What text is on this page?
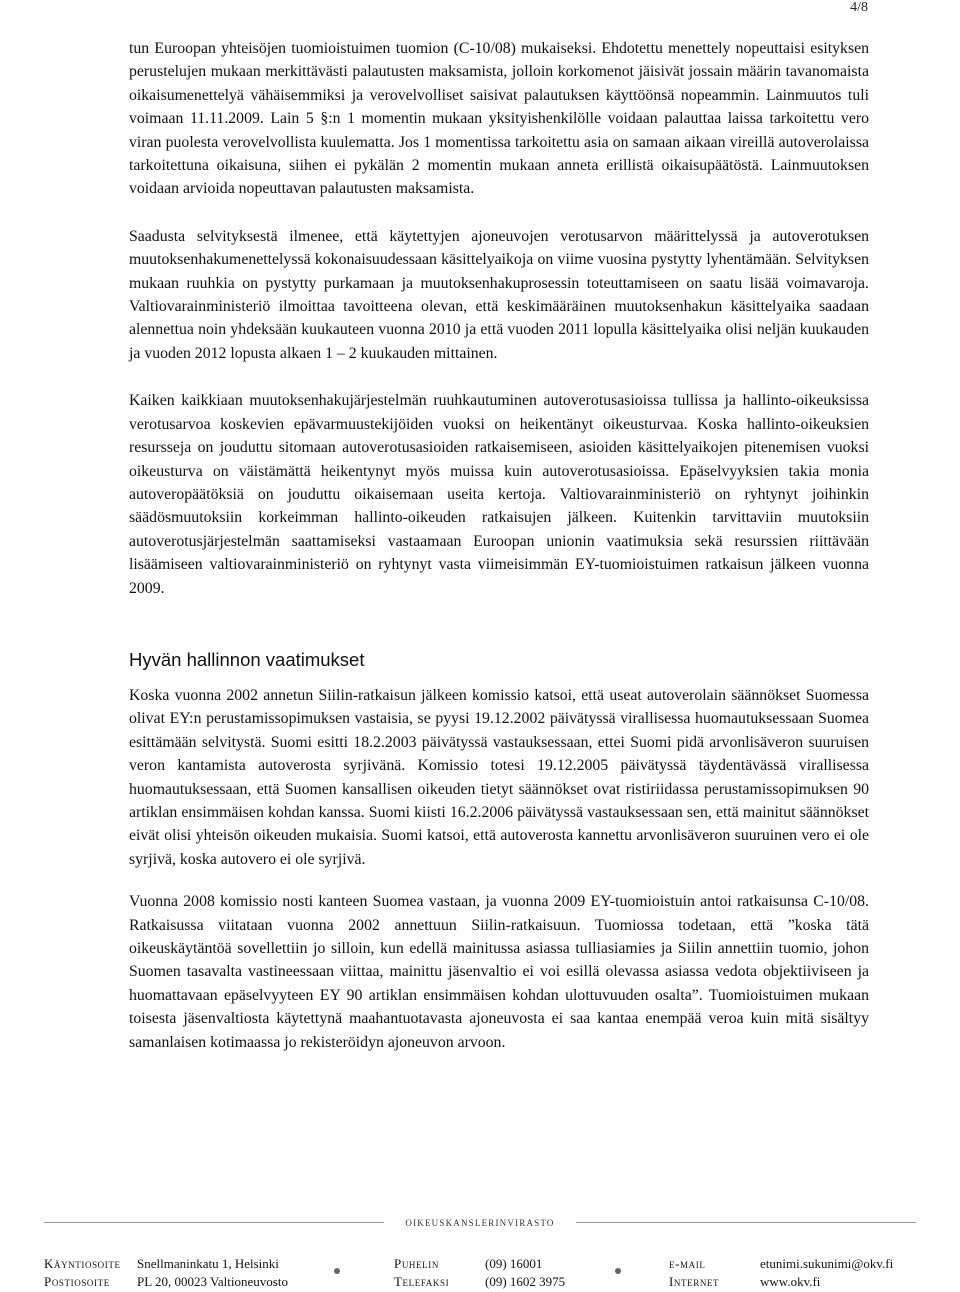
4/8

tun Euroopan yhteisöjen tuomioistuimen tuomion (C-10/08) mukaiseksi. Ehdotettu menettely nopeuttaisi esityksen perustelujen mukaan merkittävästi palautusten maksamista, jolloin korkomenot jäisivät jossain määrin tavanomaista oikaisumenettelyä vähäisemmiksi ja verovelvolliset saisivat palautuksen käyttöönsä nopeammin. Lainmuutos tuli voimaan 11.11.2009. Lain 5 §:n 1 momentin mukaan yksityishenkilölle voidaan palauttaa laissa tarkoitettu vero viran puolesta verovelvollista kuulematta. Jos 1 momentissa tarkoitettu asia on samaan aikaan vireillä autoverolaissa tarkoitettuna oikaisuna, siihen ei pykälän 2 momentin mukaan anneta erillistä oikaisupäätöstä. Lainmuutoksen voidaan arvioida nopeuttavan palautusten maksamista.

Saadusta selvityksestä ilmenee, että käytettyjen ajoneuvojen verotusarvon määrittelyssä ja autoverotuksen muutoksenhakumenettelyssä kokonaisuudessaan käsittelyaikoja on viime vuosina pystytty lyhentämään. Selvityksen mukaan ruuhkia on pystytty purkamaan ja muutoksenhakuprosessin toteuttamiseen on saatu lisää voimavaroja. Valtiovarainministeriö ilmoittaa tavoitteena olevan, että keskimääräinen muutoksenhakun käsittelyaika saadaan alennettua noin yhdeksään kuukauteen vuonna 2010 ja että vuoden 2011 lopulla käsittelyaika olisi neljän kuukauden ja vuoden 2012 lopusta alkaen 1 – 2 kuukauden mittainen.

Kaiken kaikkiaan muutoksenhakujärjestelmän ruuhkautuminen autoverotusasioissa tullissa ja hallinto-oikeuksissa verotusarvoa koskevien epävarmuustekijöiden vuoksi on heikentänyt oikeusturvaa. Koska hallinto-oikeuksien resursseja on jouduttu sitomaan autoverotusasioiden ratkaisemiseen, asioiden käsittelyaikojen pitenemisen vuoksi oikeusturva on väistämättä heikentynyt myös muissa kuin autoverotusasioissa. Epäselvyyksien takia monia autoveropäätöksiä on jouduttu oikaisemaan useita kertoja. Valtiovarainministeriö on ryhtynyt joihinkin säädösmuutoksiin korkeimman hallinto-oikeuden ratkaisujen jälkeen. Kuitenkin tarvittaviin muutoksiin autoverotusjärjestelmän saattamiseksi vastaamaan Euroopan unionin vaatimuksia sekä resurssien riittävään lisäämiseen valtiovarainministeriö on ryhtynyt vasta viimeisimmän EY-tuomioistuimen ratkaisun jälkeen vuonna 2009.

Hyvän hallinnon vaatimukset

Koska vuonna 2002 annetun Siilin-ratkaisun jälkeen komissio katsoi, että useat autoverolain säännökset Suomessa olivat EY:n perustamissopimuksen vastaisia, se pyysi 19.12.2002 päivätyssä virallisessa huomautuksessaan Suomea esittämään selvitystä. Suomi esitti 18.2.2003 päivätyssä vastauksessaan, ettei Suomi pidä arvonlisäveron suuruisen veron kantamista autoverosta syrjivänä. Komissio totesi 19.12.2005 päivätyssä täydentävässä virallisessa huomautuksessaan, että Suomen kansallisen oikeuden tietyt säännökset ovat ristiriidassa perustamissopimuksen 90 artiklan ensimmäisen kohdan kanssa. Suomi kiisti 16.2.2006 päivätyssä vastauksessaan sen, että mainitut säännökset eivät olisi yhteisön oikeuden mukaisia. Suomi katsoi, että autoverosta kannettu arvonlisäveron suuruinen vero ei ole syrjivä, koska autovero ei ole syrjivä.

Vuonna 2008 komissio nosti kanteen Suomea vastaan, ja vuonna 2009 EY-tuomioistuin antoi ratkaisunsa C-10/08. Ratkaisussa viitataan vuonna 2002 annettuun Siilin-ratkaisuun. Tuomiossa todetaan, että ”koska tätä oikeuskäytäntöä sovellettiin jo silloin, kun edellä mainitussa asiassa tulliasiamies ja Siilin annettiin tuomio, johon Suomen tasavalta vastineessaan viittaa, mainittu jäsenvaltio ei voi esillä olevassa asiassa vedota objektiiviseen ja huomattavaan epäselvyyteen EY 90 artiklan ensimmäisen kohdan ulottuvuuden osalta”. Tuomioistuimen mukaan toisesta jäsenvaltiosta käytettynä maahantuotavasta ajoneuvosta ei saa kantaa enempää veroa kuin mitä sisältyy samanlaisen kotimaassa jo rekisteröidyn ajoneuvon arvoon.

oikeuskanslerinvirasto
Käyntiosoite Snellmaninkatu 1, Helsinki	Puhelin	(09) 16001	e-mail	etunimi.sukunimi@okv.fi
Postiosoite PL 20, 00023 Valtioneuvosto	Telefaksi	(09) 1602 3975	Internet	www.okv.fi
